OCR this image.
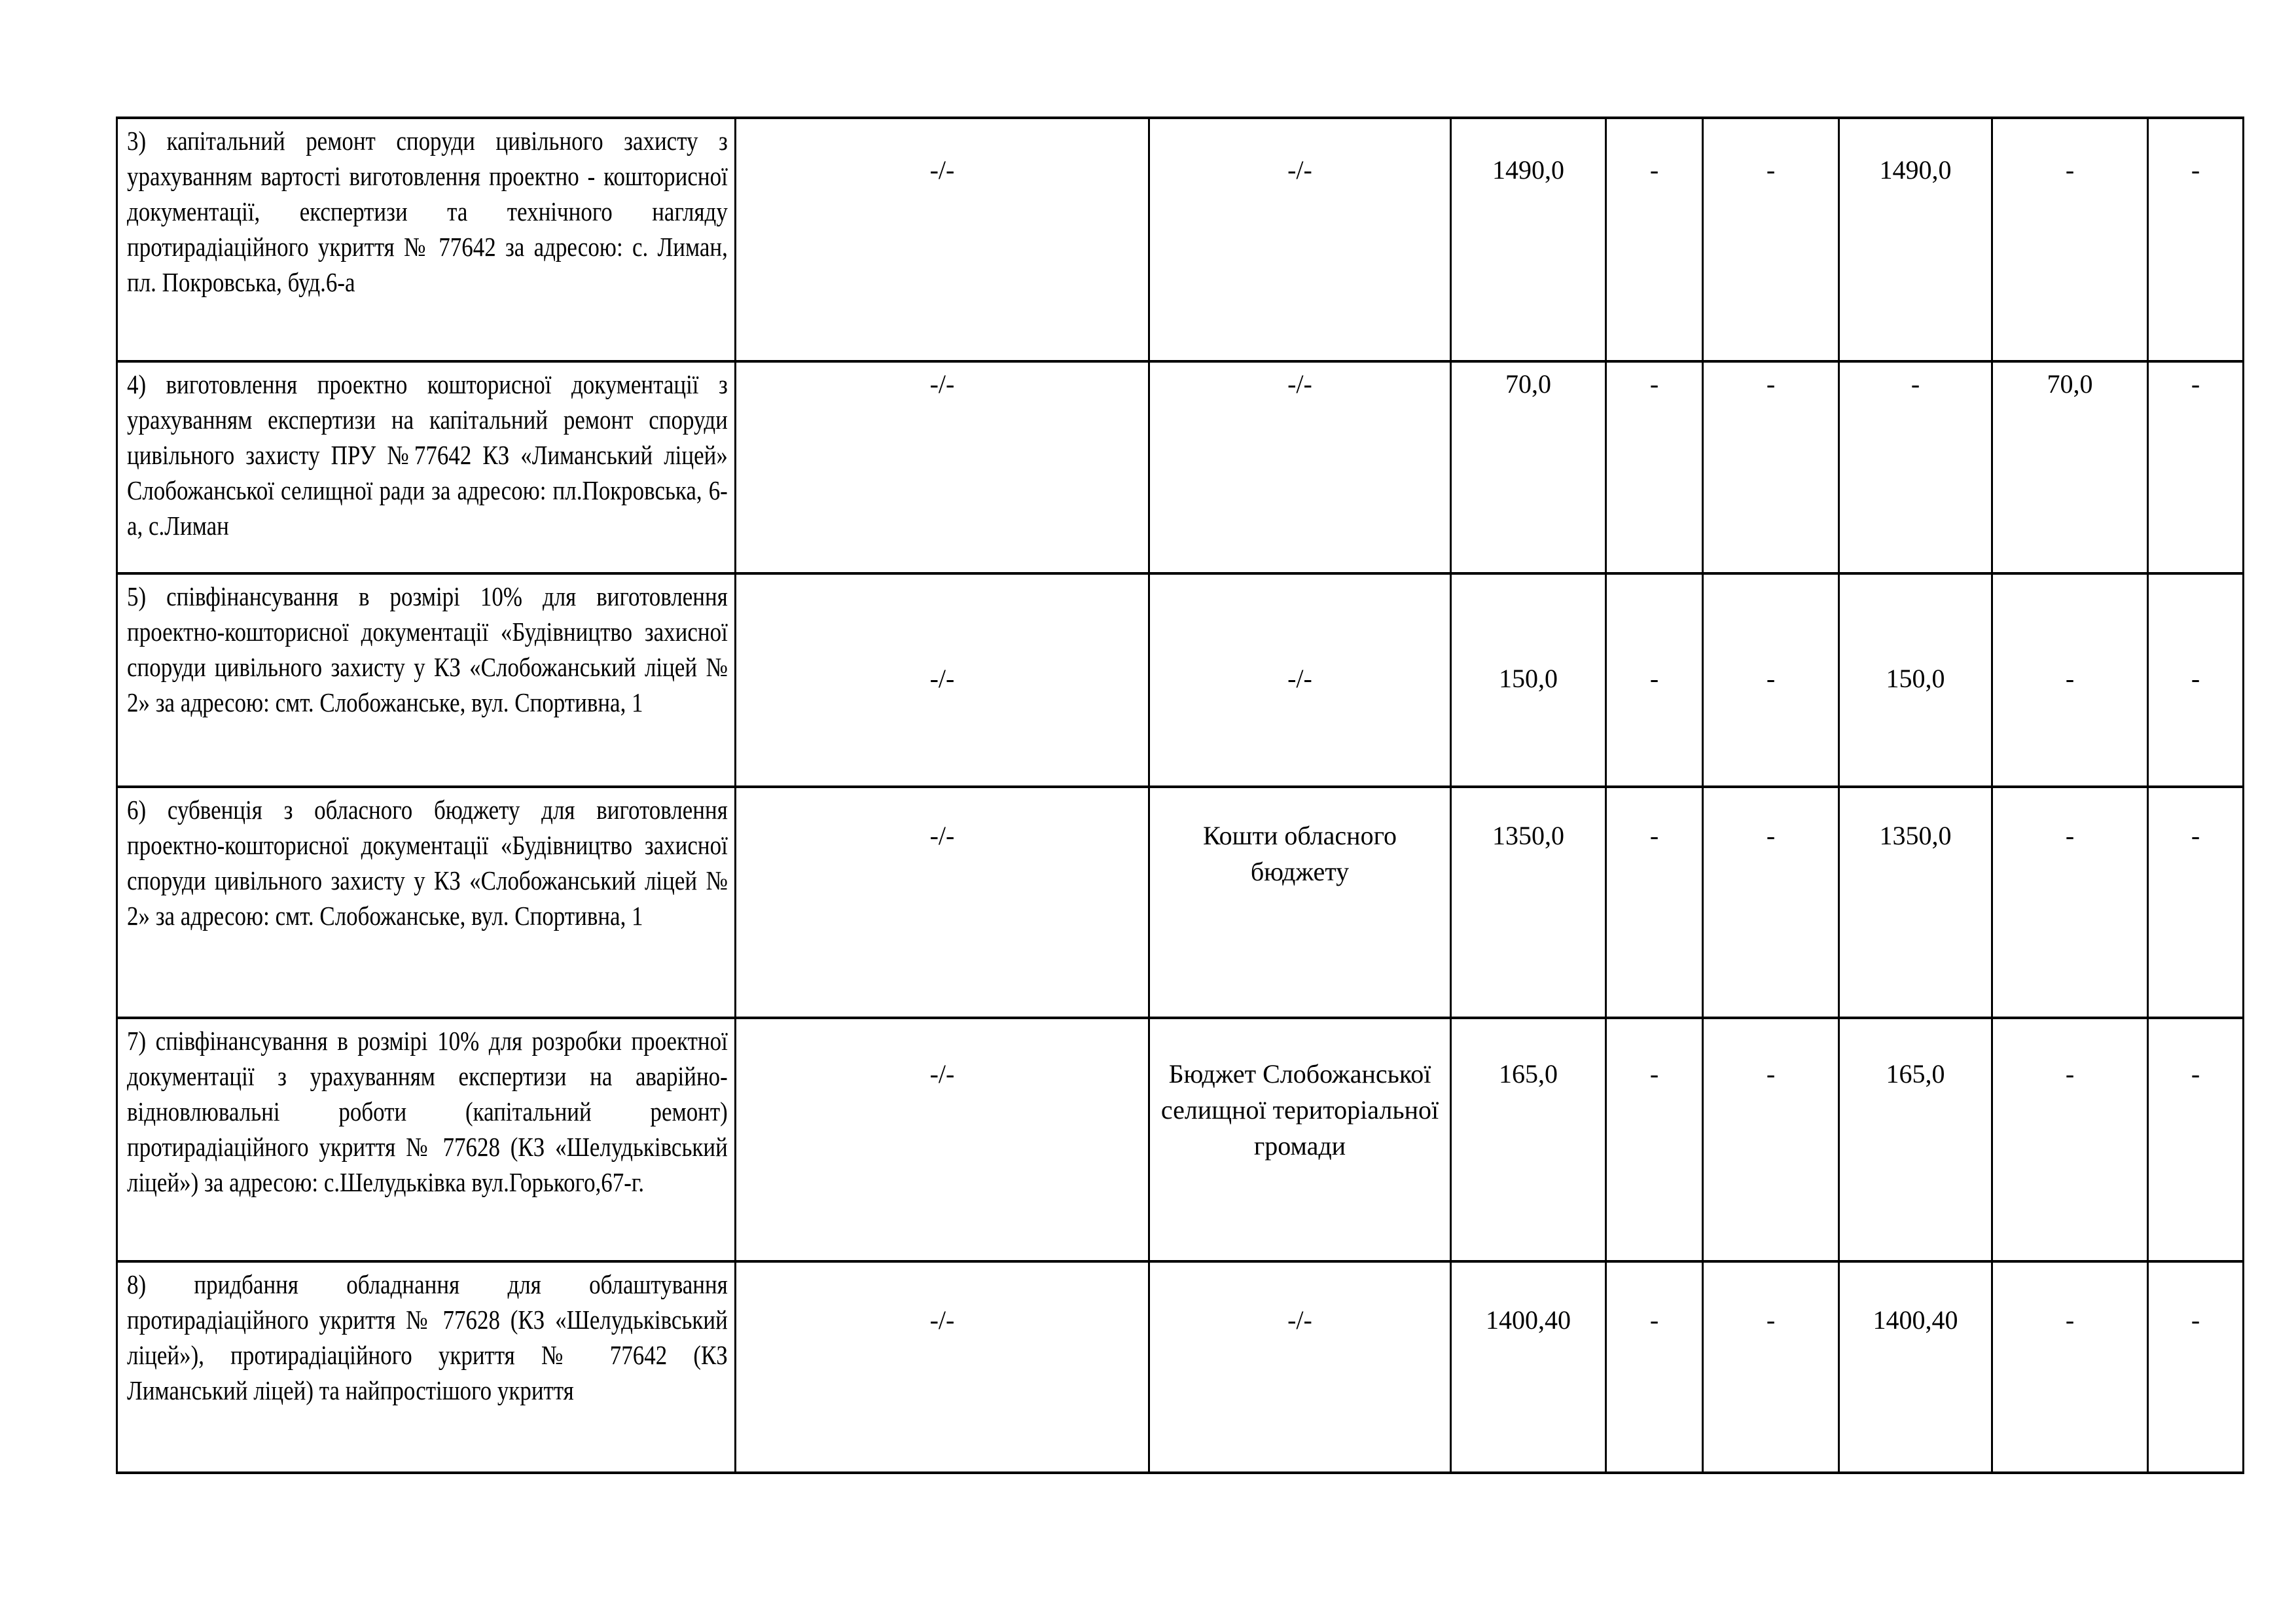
3) капітальний ремонт споруди цивільного захисту з урахуванням вартості виготовлення проектно - кошторисної документації, експертизи та технічного нагляду протирадіаційного укриття № 77642 за адресою: с. Лиман, пл. Покровська, буд.6-а	-/-	-/-	1490,0	-	-	1490,0	-	-

4) виготовлення проектно кошторисної документації з урахуванням експертизи на капітальний ремонт споруди цивільного захисту ПРУ №77642 КЗ «Лиманський ліцей» Слобожанської селищної ради за адресою: пл.Покровська, 6-а, с.Лиман	-/-	-/-	70,0	-	-	-	70,0	-

5) співфінансування в розмірі 10% для виготовлення проектно-кошторисної документації «Будівництво захисної споруди цивільного захисту у КЗ «Слобожанський ліцей № 2» за адресою: смт. Слобожанське, вул. Спортивна, 1	-/-	-/-	150,0	-	-	150,0	-	-

6) субвенція з обласного бюджету для виготовлення проектно-кошторисної документації «Будівництво захисної споруди цивільного захисту у КЗ «Слобожанський ліцей № 2» за адресою: смт. Слобожанське, вул. Спортивна, 1	-/-	Кошти обласного бюджету	1350,0	-	-	1350,0	-	-

7) співфінансування в розмірі 10% для розробки проектної документації з урахуванням експертизи на аварійно-відновлювальні роботи (капітальний ремонт) протирадіаційного укриття № 77628 (КЗ «Шелудьківський ліцей») за адресою: с.Шелудьківка вул.Горького,67-г.	-/-	Бюджет Слобожанської селищної територіальної громади	165,0	-	-	165,0	-	-

8) придбання обладнання для облаштування протирадіаційного укриття № 77628 (КЗ «Шелудьківський ліцей»), протирадіаційного укриття № 77642 (КЗ Лиманський ліцей) та найпростішого укриття	-/-	-/-	1400,40	-	-	1400,40	-	-
